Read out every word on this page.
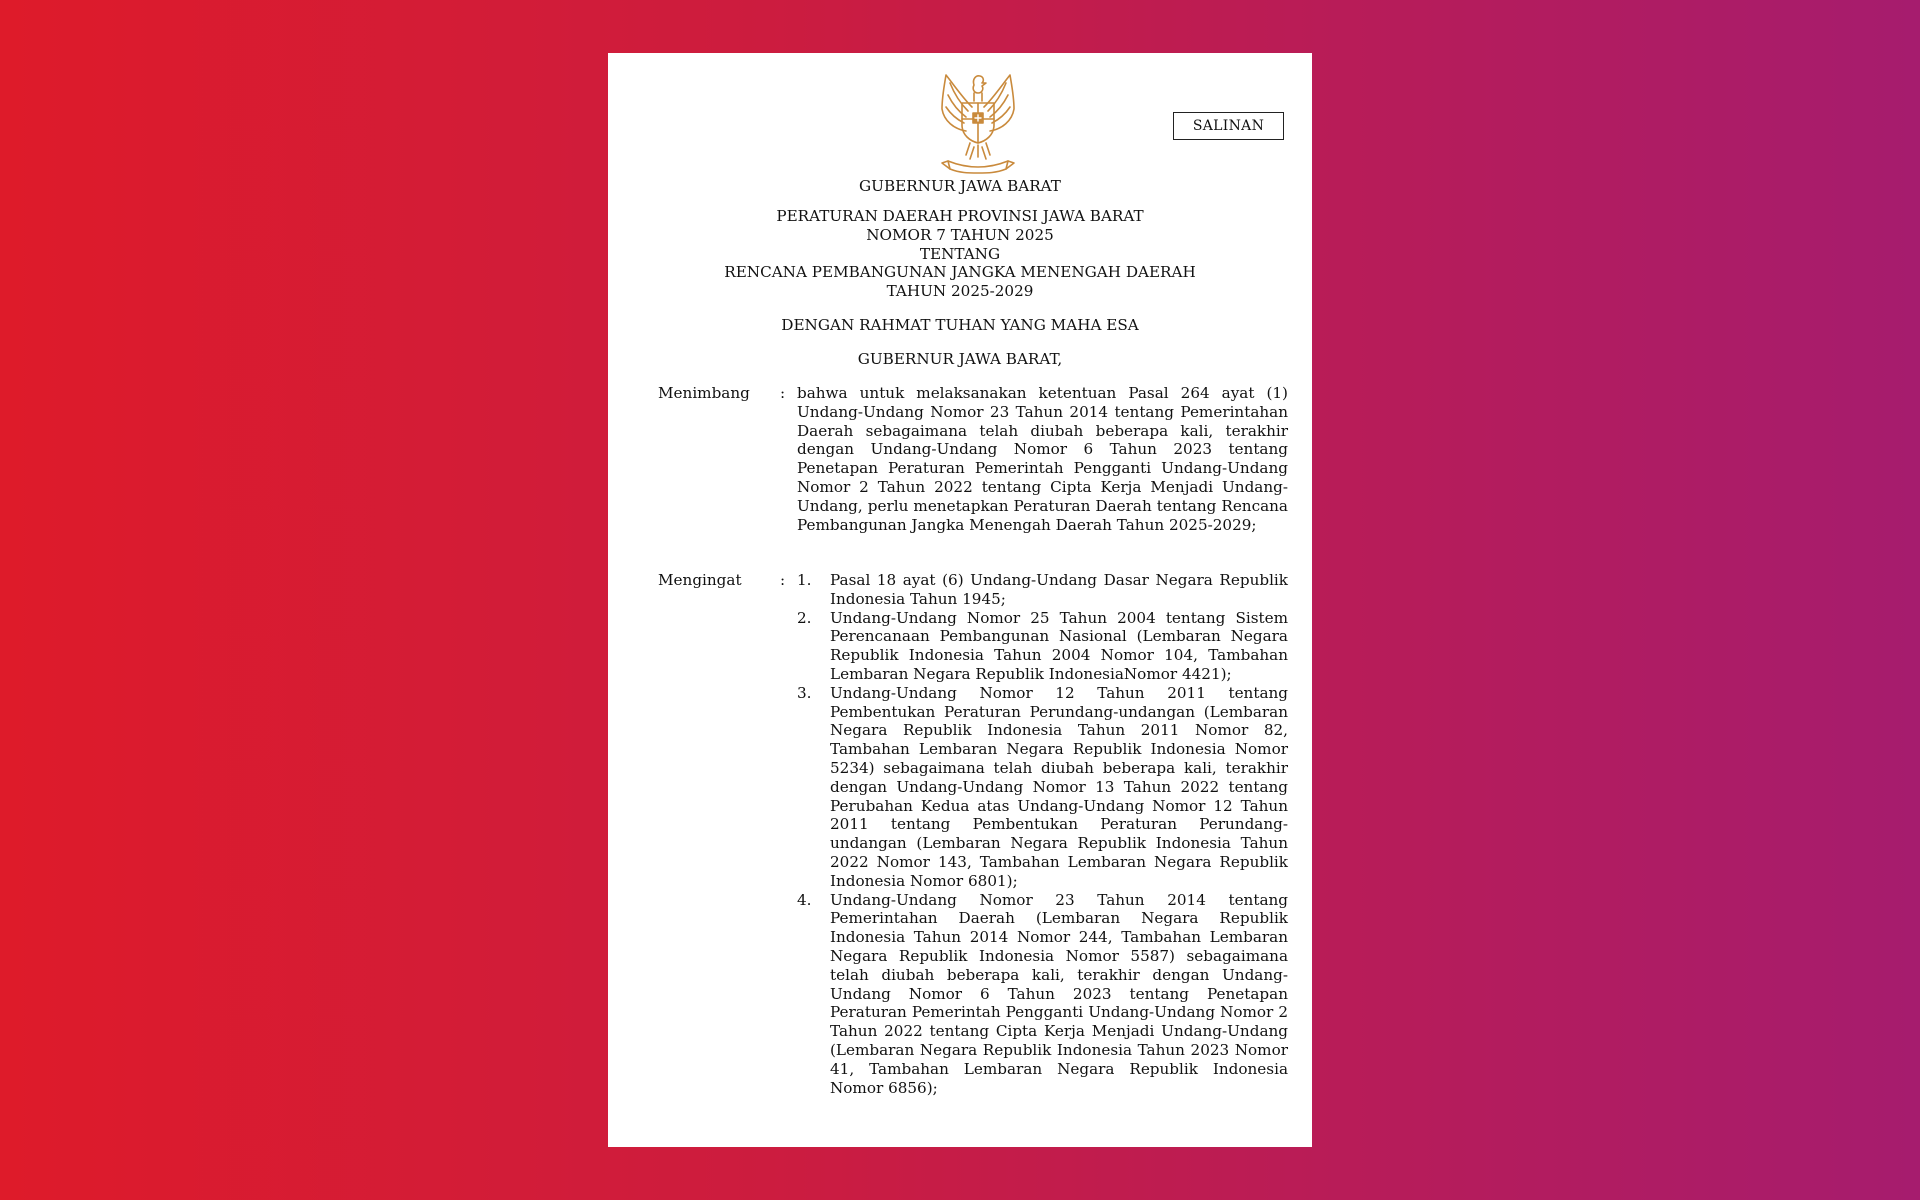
SALINAN
GUBERNUR JAWA BARAT
PERATURAN DAERAH PROVINSI JAWA BARAT
NOMOR 7 TAHUN 2025
TENTANG
RENCANA PEMBANGUNAN JANGKA MENENGAH DAERAH
TAHUN 2025-2029
DENGAN RAHMAT TUHAN YANG MAHA ESA
GUBERNUR JAWA BARAT,
Menimbang	: bahwa untuk melaksanakan ketentuan Pasal 264 ayat (1) Undang-Undang Nomor 23 Tahun 2014 tentang Pemerintahan Daerah sebagaimana telah diubah beberapa kali, terakhir dengan Undang-Undang Nomor 6 Tahun 2023 tentang Penetapan Peraturan Pemerintah Pengganti Undang-Undang Nomor 2 Tahun 2022 tentang Cipta Kerja Menjadi Undang-Undang, perlu menetapkan Peraturan Daerah tentang Rencana Pembangunan Jangka Menengah Daerah Tahun 2025-2029;
Mengingat	: 1. Pasal 18 ayat (6) Undang-Undang Dasar Negara Republik Indonesia Tahun 1945;
2. Undang-Undang Nomor 25 Tahun 2004 tentang Sistem Perencanaan Pembangunan Nasional (Lembaran Negara Republik Indonesia Tahun 2004 Nomor 104, Tambahan Lembaran Negara Republik IndonesiaNomor 4421);
3. Undang-Undang Nomor 12 Tahun 2011 tentang Pembentukan Peraturan Perundang-undangan (Lembaran Negara Republik Indonesia Tahun 2011 Nomor 82, Tambahan Lembaran Negara Republik Indonesia Nomor 5234) sebagaimana telah diubah beberapa kali, terakhir dengan Undang-Undang Nomor 13 Tahun 2022 tentang Perubahan Kedua atas Undang-Undang Nomor 12 Tahun 2011 tentang Pembentukan Peraturan Perundang-undangan (Lembaran Negara Republik Indonesia Tahun 2022 Nomor 143, Tambahan Lembaran Negara Republik Indonesia Nomor 6801);
4. Undang-Undang Nomor 23 Tahun 2014 tentang Pemerintahan Daerah (Lembaran Negara Republik Indonesia Tahun 2014 Nomor 244, Tambahan Lembaran Negara Republik Indonesia Nomor 5587) sebagaimana telah diubah beberapa kali, terakhir dengan Undang-Undang Nomor 6 Tahun 2023 tentang Penetapan Peraturan Pemerintah Pengganti Undang-Undang Nomor 2 Tahun 2022 tentang Cipta Kerja Menjadi Undang-Undang (Lembaran Negara Republik Indonesia Tahun 2023 Nomor 41, Tambahan Lembaran Negara Republik Indonesia Nomor 6856);
